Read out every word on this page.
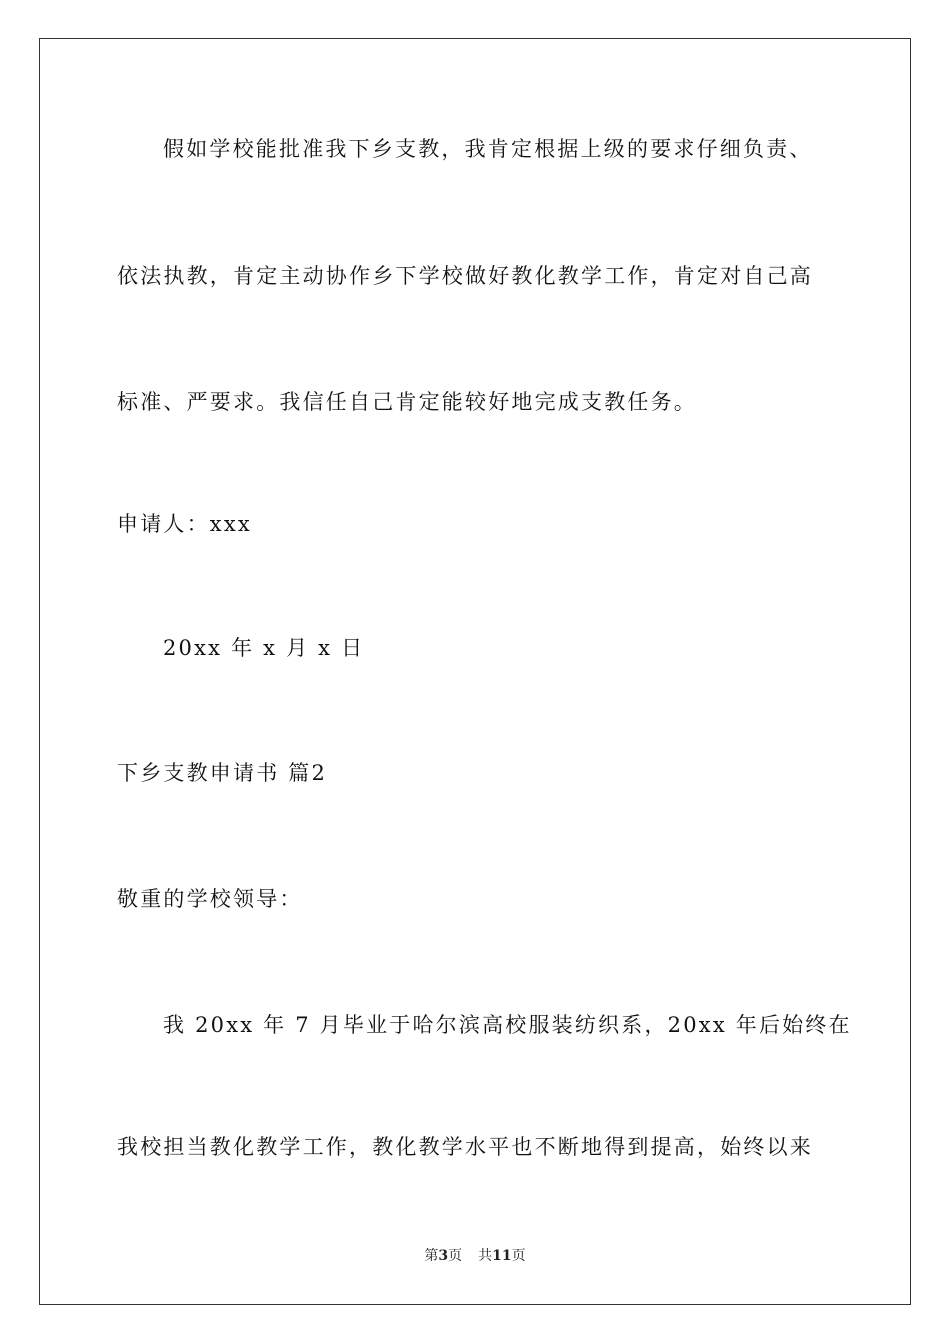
假如学校能批准我下乡支教，我肯定根据上级的要求仔细负责、
依法执教，肯定主动协作乡下学校做好教化教学工作，肯定对自己高
标准、严要求。我信任自己肯定能较好地完成支教任务。
申请人：xxx
20xx 年 x 月 x 日
下乡支教申请书 篇2
敬重的学校领导：
我 20xx 年 7 月毕业于哈尔滨高校服装纺织系，20xx 年后始终在
我校担当教化教学工作，教化教学水平也不断地得到提高，始终以来
第3页 共11页
